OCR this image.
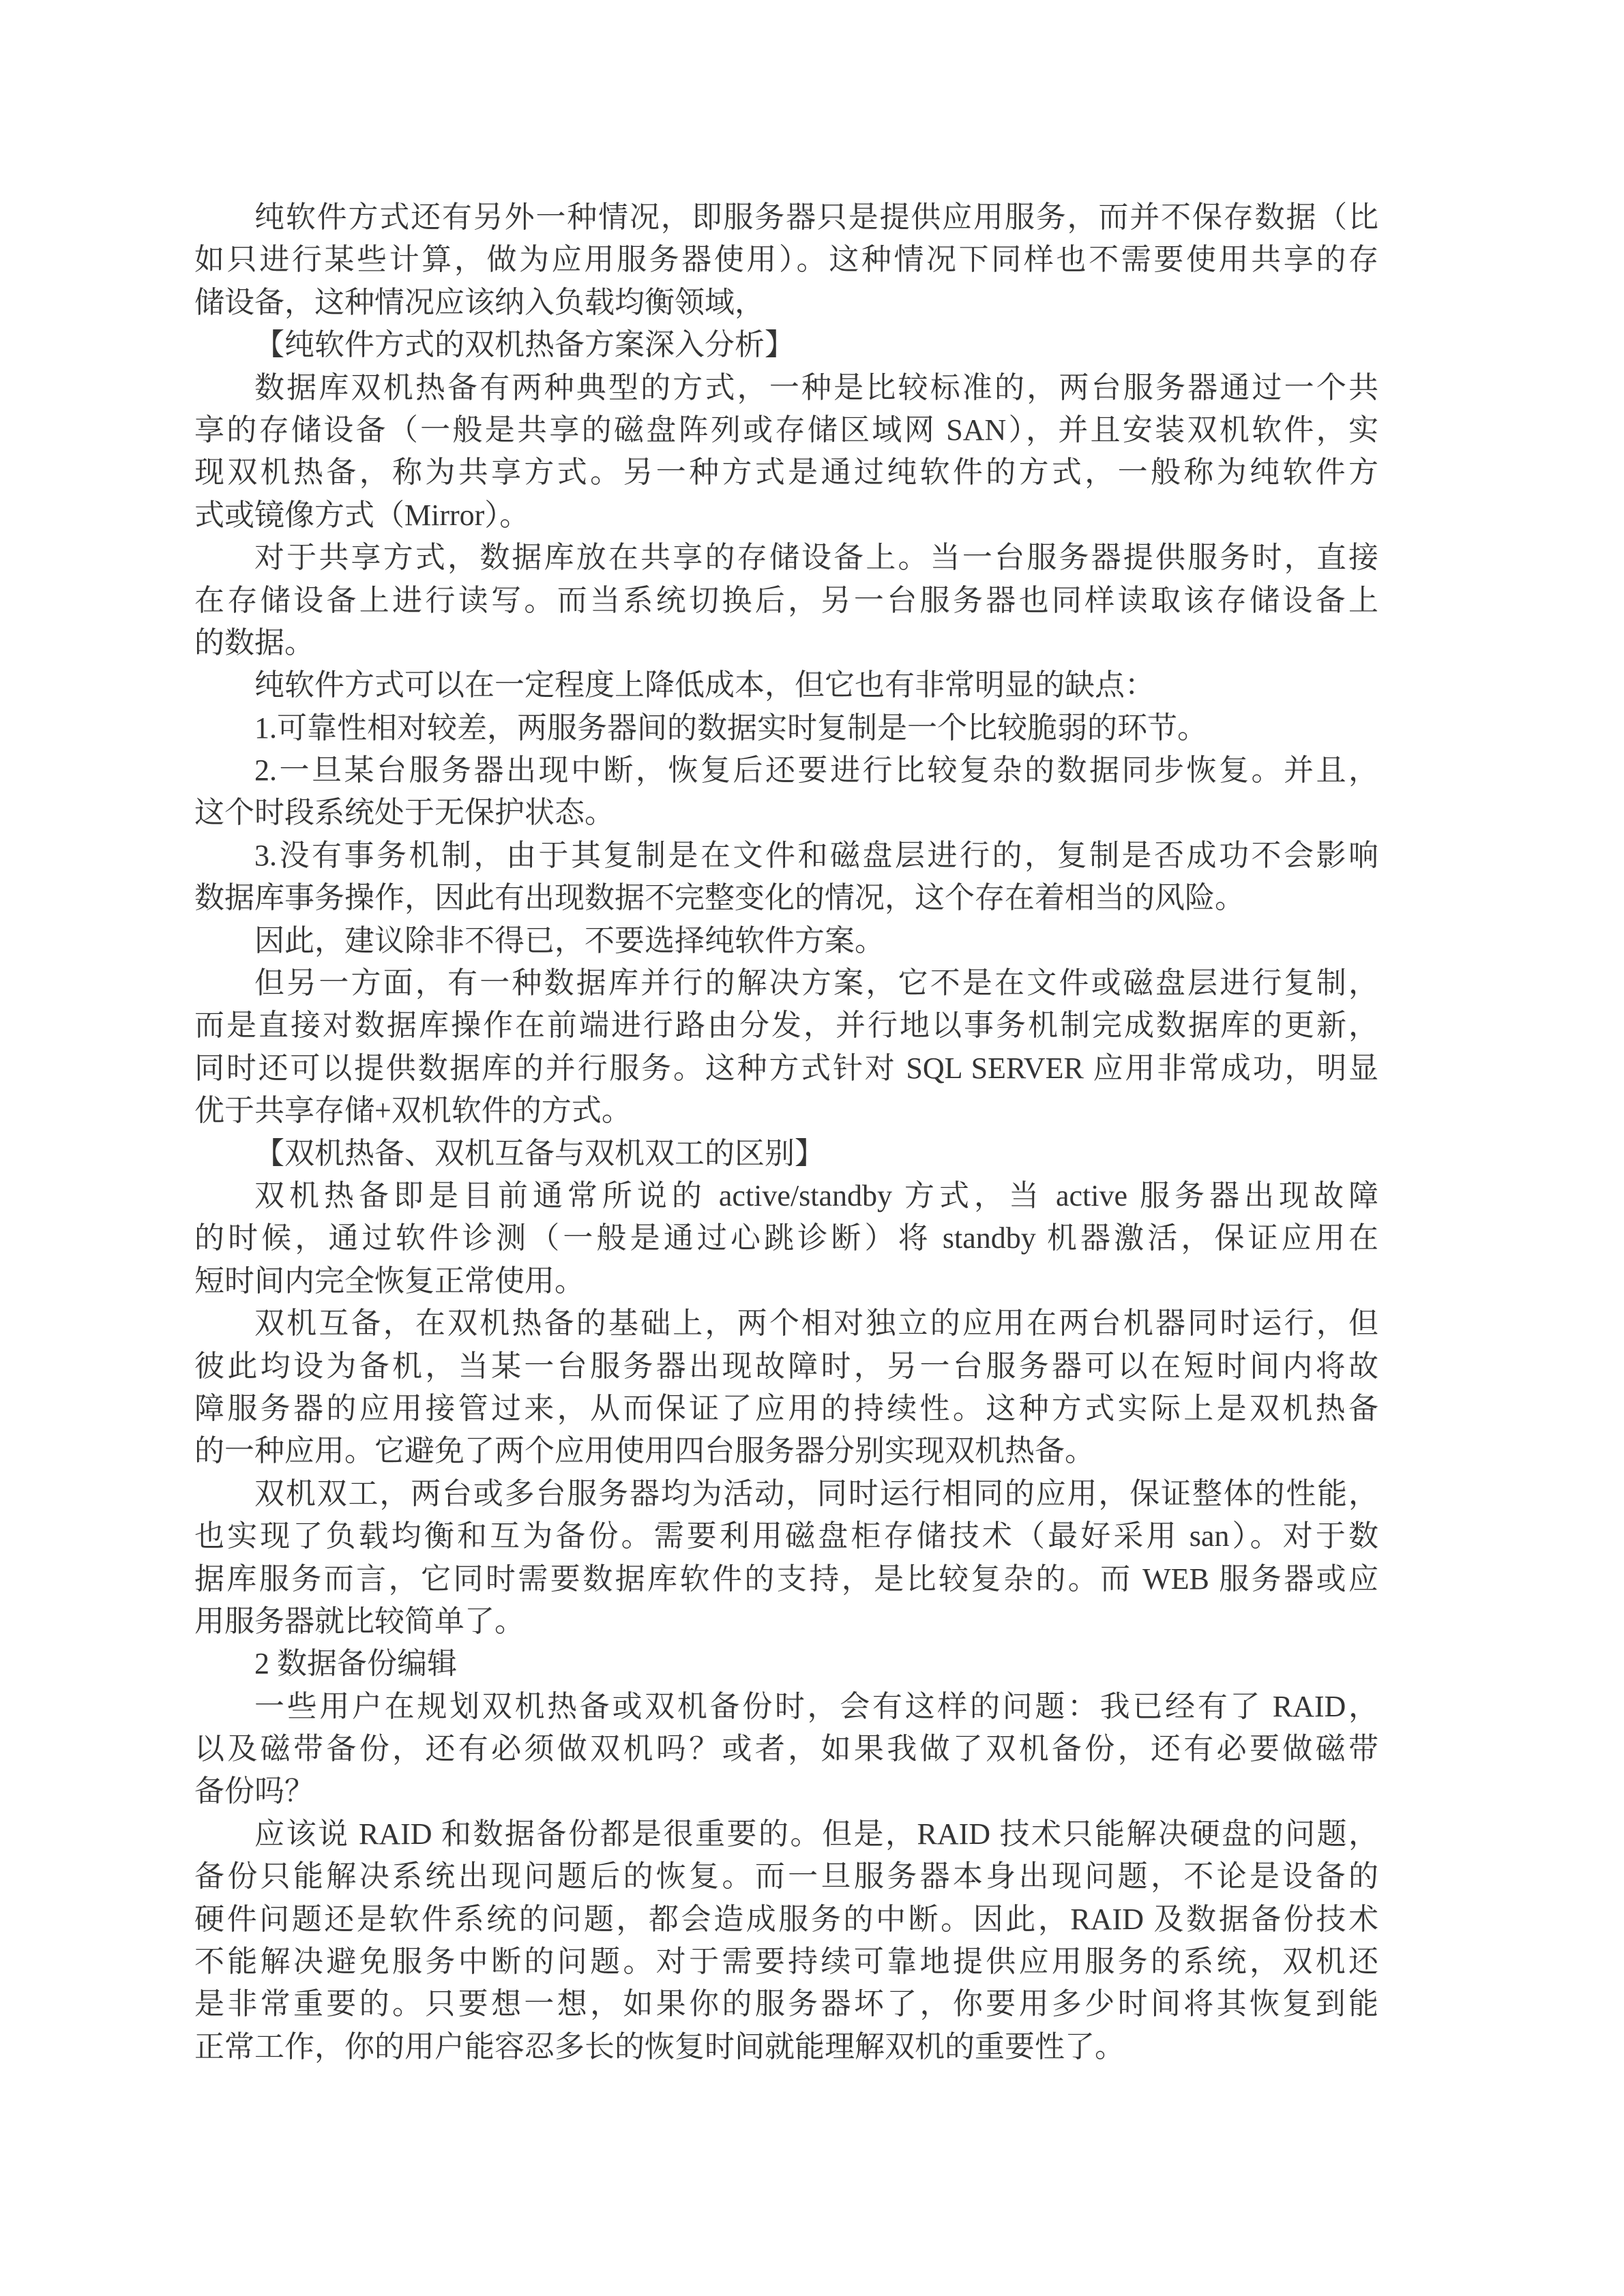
纯软件方式还有另外一种情况，即服务器只是提供应用服务，而并不保存数据（比
如只进行某些计算，做为应用服务器使用）。这种情况下同样也不需要使用共享的存
储设备，这种情况应该纳入负载均衡领域，
【纯软件方式的双机热备方案深入分析】
数据库双机热备有两种典型的方式，一种是比较标准的，两台服务器通过一个共
享的存储设备（一般是共享的磁盘阵列或存储区域网 SAN），并且安装双机软件，实
现双机热备，称为共享方式。另一种方式是通过纯软件的方式，一般称为纯软件方
式或镜像方式（Mirror）。
对于共享方式，数据库放在共享的存储设备上。当一台服务器提供服务时，直接
在存储设备上进行读写。而当系统切换后，另一台服务器也同样读取该存储设备上
的数据。
纯软件方式可以在一定程度上降低成本，但它也有非常明显的缺点：
1.可靠性相对较差，两服务器间的数据实时复制是一个比较脆弱的环节。
2.一旦某台服务器出现中断，恢复后还要进行比较复杂的数据同步恢复。并且，
这个时段系统处于无保护状态。
3.没有事务机制，由于其复制是在文件和磁盘层进行的，复制是否成功不会影响
数据库事务操作，因此有出现数据不完整变化的情况，这个存在着相当的风险。
因此，建议除非不得已，不要选择纯软件方案。
但另一方面，有一种数据库并行的解决方案，它不是在文件或磁盘层进行复制，
而是直接对数据库操作在前端进行路由分发，并行地以事务机制完成数据库的更新，
同时还可以提供数据库的并行服务。这种方式针对 SQL SERVER 应用非常成功，明显
优于共享存储+双机软件的方式。
【双机热备、双机互备与双机双工的区别】
双机热备即是目前通常所说的 active/standby 方式，当 active 服务器出现故障
的时候，通过软件诊测（一般是通过心跳诊断）将 standby 机器激活，保证应用在
短时间内完全恢复正常使用。
双机互备，在双机热备的基础上，两个相对独立的应用在两台机器同时运行，但
彼此均设为备机，当某一台服务器出现故障时，另一台服务器可以在短时间内将故
障服务器的应用接管过来，从而保证了应用的持续性。这种方式实际上是双机热备
的一种应用。它避免了两个应用使用四台服务器分别实现双机热备。
双机双工，两台或多台服务器均为活动，同时运行相同的应用，保证整体的性能，
也实现了负载均衡和互为备份。需要利用磁盘柜存储技术（最好采用 san）。对于数
据库服务而言，它同时需要数据库软件的支持，是比较复杂的。而 WEB 服务器或应
用服务器就比较简单了。
2 数据备份编辑
一些用户在规划双机热备或双机备份时，会有这样的问题：我已经有了 RAID，
以及磁带备份，还有必须做双机吗？或者，如果我做了双机备份，还有必要做磁带
备份吗？
应该说 RAID 和数据备份都是很重要的。但是，RAID 技术只能解决硬盘的问题，
备份只能解决系统出现问题后的恢复。而一旦服务器本身出现问题，不论是设备的
硬件问题还是软件系统的问题，都会造成服务的中断。因此，RAID 及数据备份技术
不能解决避免服务中断的问题。对于需要持续可靠地提供应用服务的系统，双机还
是非常重要的。只要想一想，如果你的服务器坏了，你要用多少时间将其恢复到能
正常工作，你的用户能容忍多长的恢复时间就能理解双机的重要性了。
